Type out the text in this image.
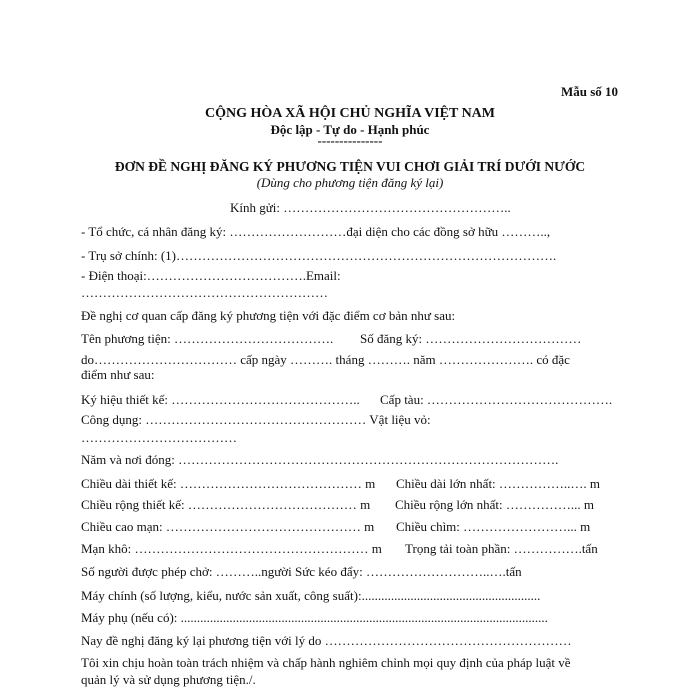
Mẫu số 10
CỘNG HÒA XÃ HỘI CHỦ NGHĨA VIỆT NAM
Độc lập - Tự do - Hạnh phúc
---------------
ĐƠN ĐỀ NGHỊ ĐĂNG KÝ PHƯƠNG TIỆN VUI CHƠI GIẢI TRÍ DƯỚI NƯỚC
(Dùng cho phương tiện đăng ký lại)
Kính gửi: ……………………………………………..
- Tổ chức, cá nhân đăng ký: ………………………đại diện cho các đồng sở hữu ………..,
- Trụ sở chính: (1)…………………………………………………………………………….
- Điện thoại:……………………………….Email:
…………………………………………………
Đề nghị cơ quan cấp đăng ký phương tiện với đặc điểm cơ bản như sau:
Tên phương tiện: ………………………………. Số đăng ký: ………………………………
do…………………………… cấp ngày ………. tháng ………. năm …………………. có đặc
điểm như sau:
Ký hiệu thiết kế: …………………………………….. Cấp tàu: …………………………………….
Công dụng: …………………………………………… Vật liệu vỏ:
………………………………
Năm và nơi đóng: …………………………………………………………………………….
Chiều dài thiết kế: …………………………………… m Chiều dài lớn nhất: ……………..…. m
Chiều rộng thiết kế: ………………………………… m Chiều rộng lớn nhất: ……………... m
Chiều cao mạn: ……………………………………… m Chiều chìm: ……………………... m
Mạn khô: ……………………………………………… m Trọng tải toàn phần: …………….tấn
Số người được phép chở: ………..người Sức kéo đẩy: ………………………..….tấn
Máy chính (số lượng, kiểu, nước sản xuất, công suất):.......................................................
Máy phụ (nếu có): .................................................................................................................
Nay đề nghị đăng ký lại phương tiện với lý do …………………………………………………
Tôi xin chịu hoàn toàn trách nhiệm và chấp hành nghiêm chỉnh mọi quy định của pháp luật về
quản lý và sử dụng phương tiện./.
